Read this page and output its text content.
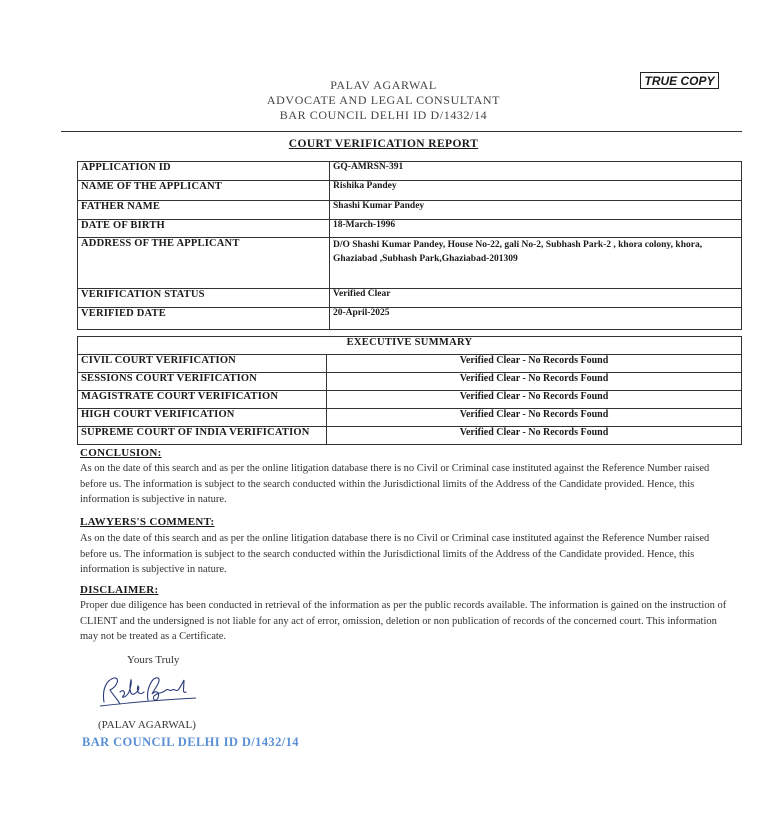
PALAV AGARWAL
ADVOCATE AND LEGAL CONSULTANT
BAR COUNCIL DELHI ID D/1432/14
TRUE COPY
COURT VERIFICATION REPORT
APPLICATION ID	GQ-AMRSN-391
NAME OF THE APPLICANT	Rishika Pandey
FATHER NAME	Shashi Kumar Pandey
DATE OF BIRTH	18-March-1996
ADDRESS OF THE APPLICANT	D/O Shashi Kumar Pandey, House No-22, gali No-2, Subhash Park-2 , khora colony, khora, Ghaziabad ,Subhash Park,Ghaziabad-201309
VERIFICATION STATUS	Verified Clear
VERIFIED DATE	20-April-2025
EXECUTIVE SUMMARY	
CIVIL COURT VERIFICATION	Verified Clear - No Records Found
SESSIONS COURT VERIFICATION	Verified Clear - No Records Found
MAGISTRATE COURT VERIFICATION	Verified Clear - No Records Found
HIGH COURT VERIFICATION	Verified Clear - No Records Found
SUPREME COURT OF INDIA VERIFICATION	Verified Clear - No Records Found
CONCLUSION:
As on the date of this search and as per the online litigation database there is no Civil or Criminal case instituted against the Reference Number raised before us. The information is subject to the search conducted within the Jurisdictional limits of the Address of the Candidate provided. Hence, this information is subjective in nature.
LAWYERS'S COMMENT:
As on the date of this search and as per the online litigation database there is no Civil or Criminal case instituted against the Reference Number raised before us. The information is subject to the search conducted within the Jurisdictional limits of the Address of the Candidate provided. Hence, this information is subjective in nature.
DISCLAIMER:
Proper due diligence has been conducted in retrieval of the information as per the public records available. The information is gained on the instruction of CLIENT and the undersigned is not liable for any act of error, omission, deletion or non publication of records of the concerned court. This information may not be treated as a Certificate.
Yours Truly
(PALAV AGARWAL)
BAR COUNCIL DELHI ID D/1432/14
